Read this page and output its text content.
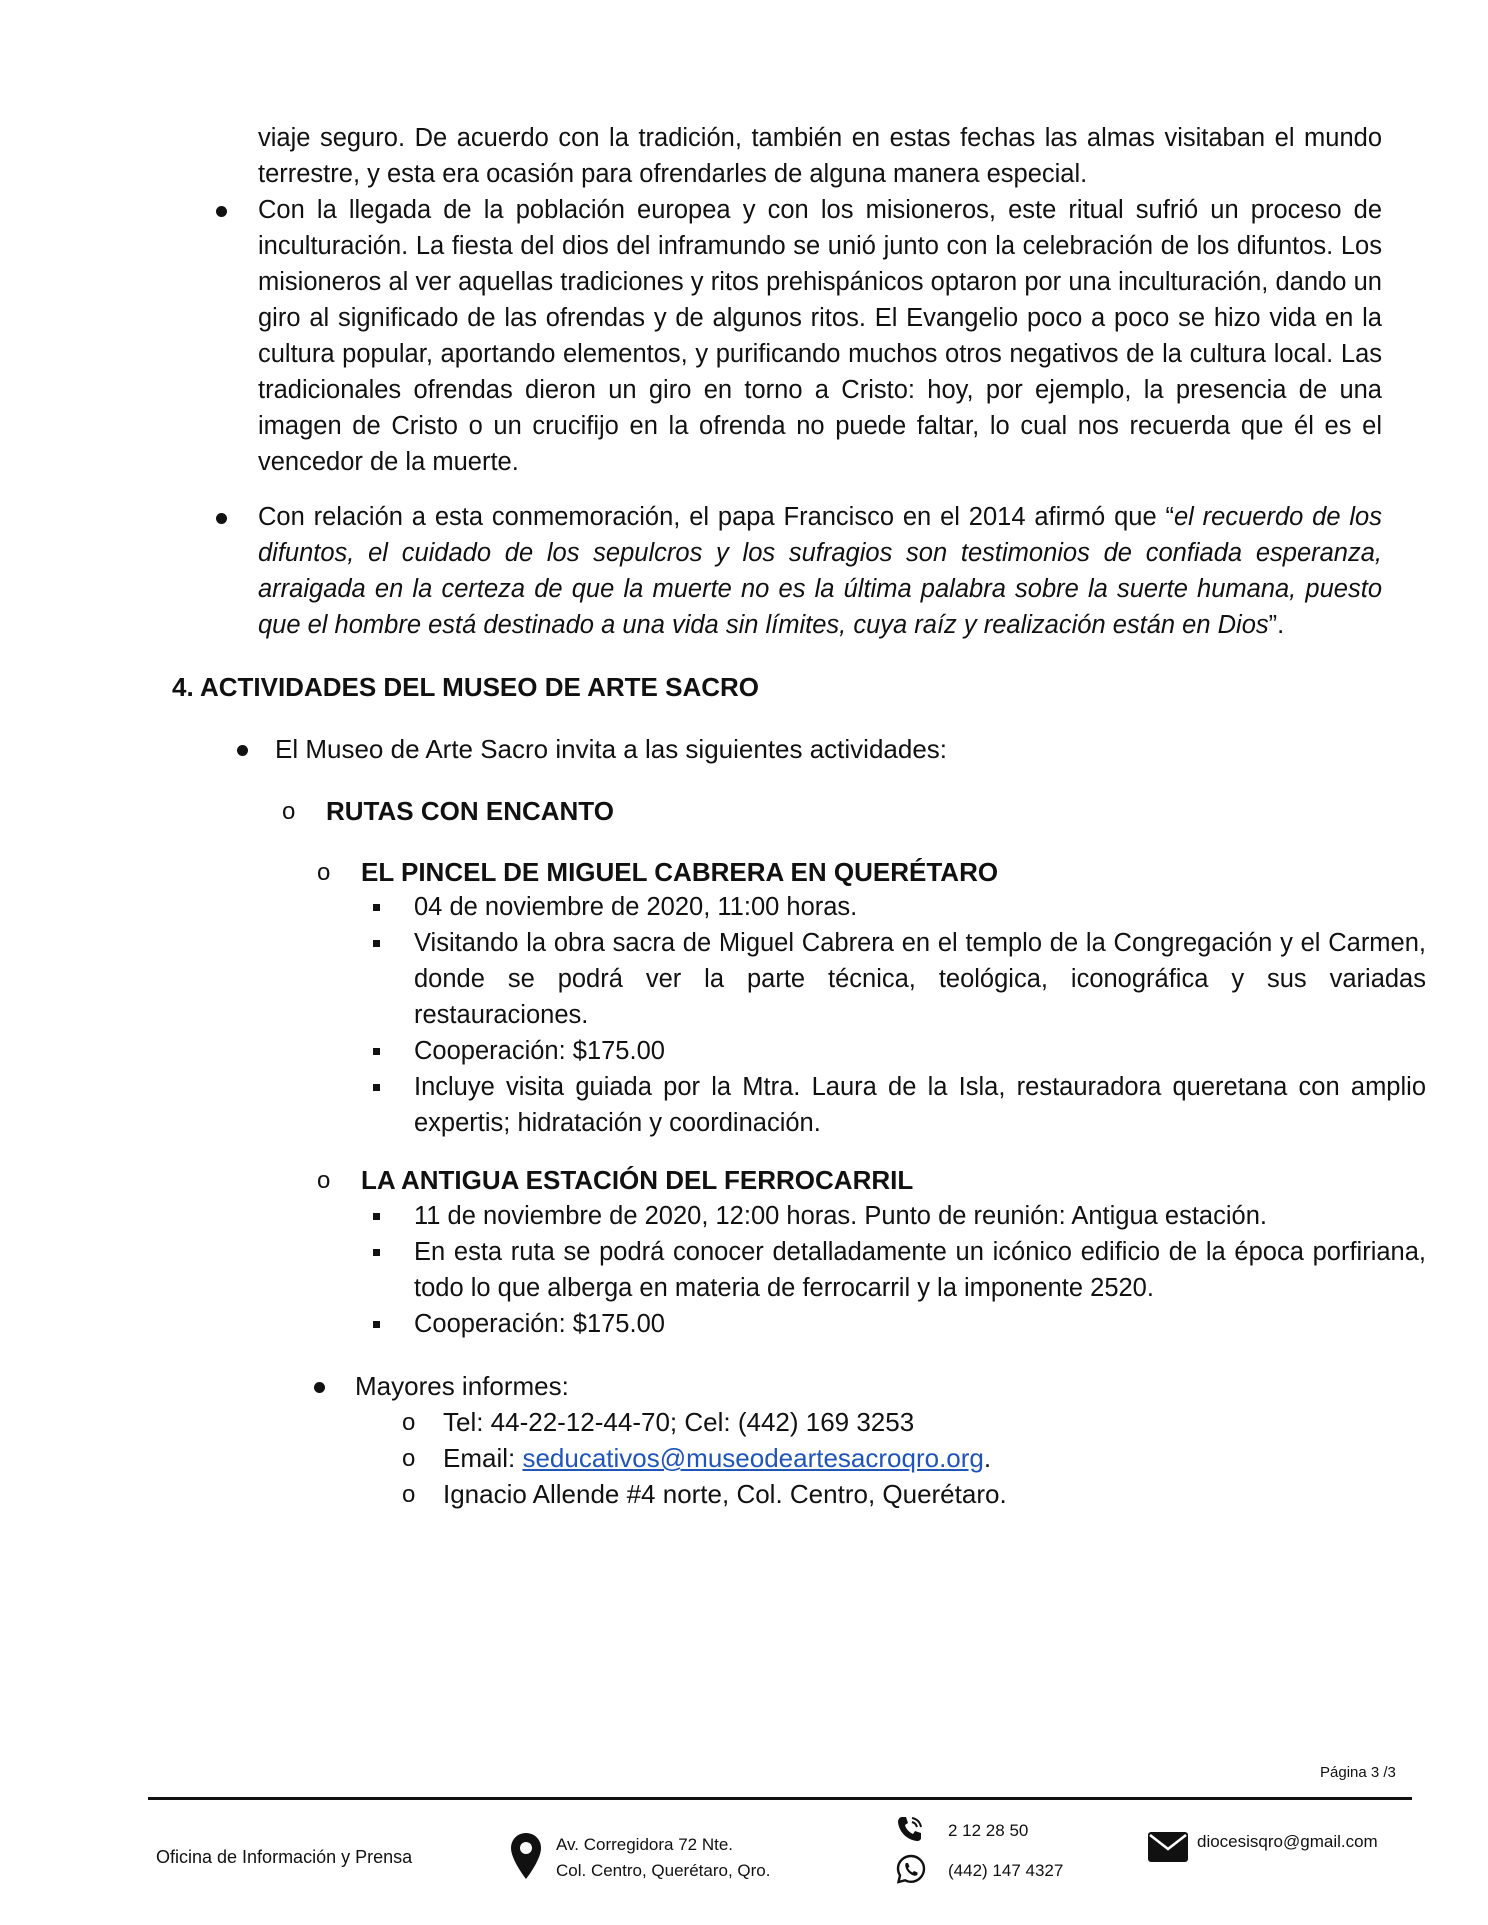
viaje seguro. De acuerdo con la tradición, también en estas fechas las almas visitaban el mundo terrestre, y esta era ocasión para ofrendarles de alguna manera especial.

Con la llegada de la población europea y con los misioneros, este ritual sufrió un proceso de inculturación. La fiesta del dios del inframundo se unió junto con la celebración de los difuntos. Los misioneros al ver aquellas tradiciones y ritos prehispánicos optaron por una inculturación, dando un giro al significado de las ofrendas y de algunos ritos. El Evangelio poco a poco se hizo vida en la cultura popular, aportando elementos, y purificando muchos otros negativos de la cultura local. Las tradicionales ofrendas dieron un giro en torno a Cristo: hoy, por ejemplo, la presencia de una imagen de Cristo o un crucifijo en la ofrenda no puede faltar, lo cual nos recuerda que él es el vencedor de la muerte.

Con relación a esta conmemoración, el papa Francisco en el 2014 afirmó que “el recuerdo de los difuntos, el cuidado de los sepulcros y los sufragios son testimonios de confiada esperanza, arraigada en la certeza de que la muerte no es la última palabra sobre la suerte humana, puesto que el hombre está destinado a una vida sin límites, cuya raíz y realización están en Dios”.

4. ACTIVIDADES DEL MUSEO DE ARTE SACRO

El Museo de Arte Sacro invita a las siguientes actividades:

o RUTAS CON ENCANTO

o EL PINCEL DE MIGUEL CABRERA EN QUERÉTARO

04 de noviembre de 2020, 11:00 horas.

Visitando la obra sacra de Miguel Cabrera en el templo de la Congregación y el Carmen, donde se podrá ver la parte técnica, teológica, iconográfica y sus variadas restauraciones.

Cooperación: $175.00

Incluye visita guiada por la Mtra. Laura de la Isla, restauradora queretana con amplio expertis; hidratación y coordinación.

o LA ANTIGUA ESTACIÓN DEL FERROCARRIL

11 de noviembre de 2020, 12:00 horas. Punto de reunión: Antigua estación.

En esta ruta se podrá conocer detalladamente un icónico edificio de la época porfiriana, todo lo que alberga en materia de ferrocarril y la imponente 2520.

Cooperación: $175.00

Mayores informes:

o Tel: 44-22-12-44-70; Cel: (442) 169 3253

o Email: seducativos@museodeartesacroqro.org.

o Ignacio Allende #4 norte, Col. Centro, Querétaro.

Página 3 /3
Oficina de Información y Prensa
Av. Corregidora 72 Nte.
Col. Centro, Querétaro, Qro.
2 12 28 50
(442) 147 4327
diocesisqro@gmail.com
